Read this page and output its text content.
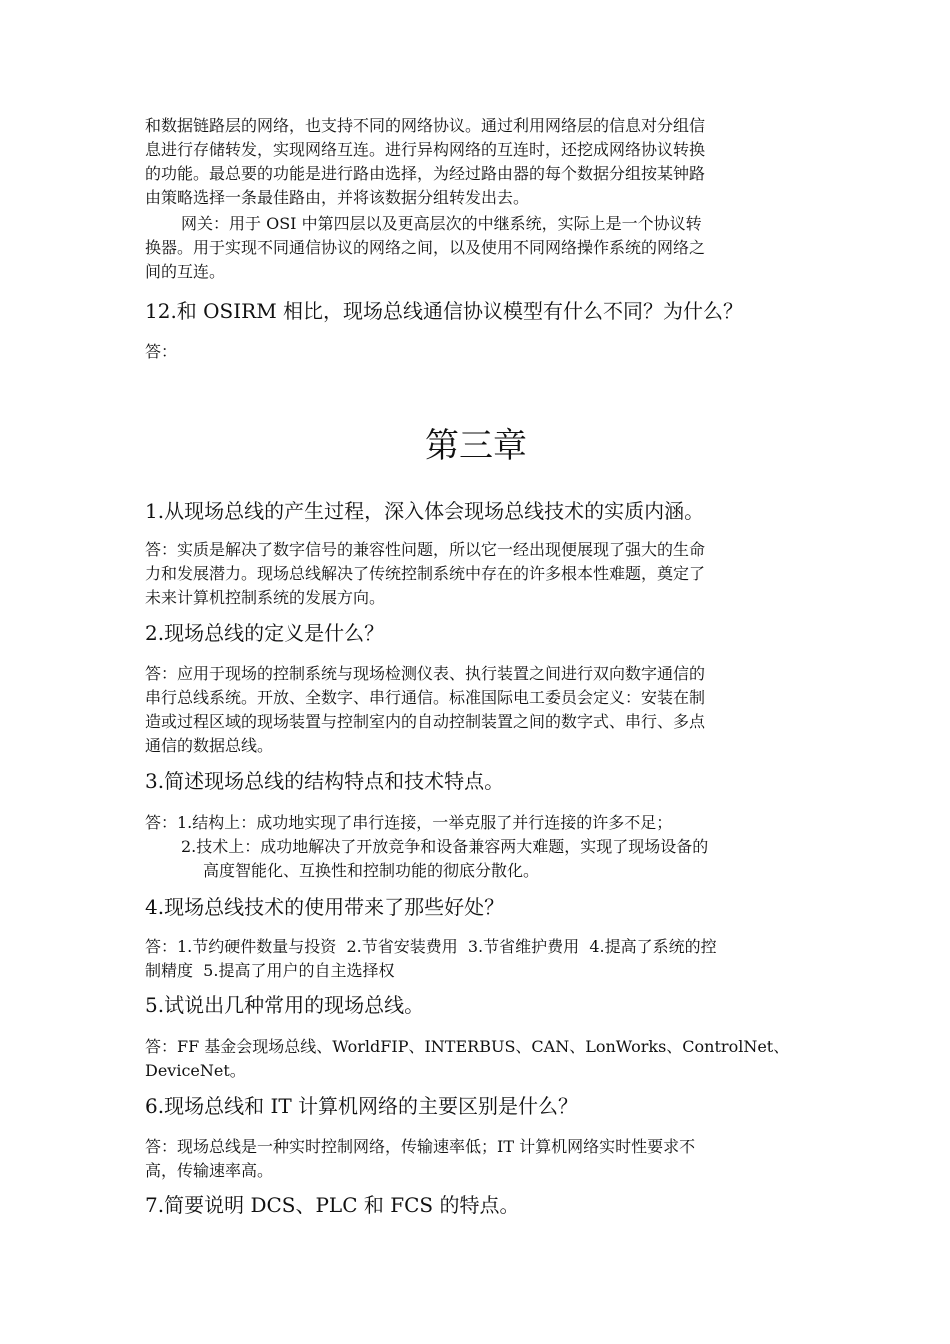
和数据链路层的网络，也支持不同的网络协议。通过利用网络层的信息对分组信

息进行存储转发，实现网络互连。进行异构网络的互连时，还挖成网络协议转换

的功能。最总要的功能是进行路由选择，为经过路由器的每个数据分组按某钟路

由策略选择一条最佳路由，并将该数据分组转发出去。

网关：用于 OSI 中第四层以及更高层次的中继系统，实际上是一个协议转

换器。用于实现不同通信协议的网络之间，以及使用不同网络操作系统的网络之

间的互连。

12.和 OSIRM 相比，现场总线通信协议模型有什么不同？为什么？

答：

第三章

1.从现场总线的产生过程，深入体会现场总线技术的实质内涵。

答：实质是解决了数字信号的兼容性问题，所以它一经出现便展现了强大的生命

力和发展潜力。现场总线解决了传统控制系统中存在的许多根本性难题，奠定了

未来计算机控制系统的发展方向。

2.现场总线的定义是什么？

答：应用于现场的控制系统与现场检测仪表、执行装置之间进行双向数字通信的

串行总线系统。开放、全数字、串行通信。标准国际电工委员会定义：安装在制

造或过程区域的现场装置与控制室内的自动控制装置之间的数字式、串行、多点

通信的数据总线。

3.简述现场总线的结构特点和技术特点。

答：1.结构上：成功地实现了串行连接，一举克服了并行连接的许多不足；

2.技术上：成功地解决了开放竞争和设备兼容两大难题，实现了现场设备的

高度智能化、互换性和控制功能的彻底分散化。

4.现场总线技术的使用带来了那些好处？

答：1.节约硬件数量与投资  2.节省安装费用  3.节省维护费用  4.提高了系统的控

制精度  5.提高了用户的自主选择权

5.试说出几种常用的现场总线。

答：FF 基金会现场总线、WorldFIP、INTERBUS、CAN、LonWorks、ControlNet、

DeviceNet。

6.现场总线和 IT 计算机网络的主要区别是什么？

答：现场总线是一种实时控制网络，传输速率低；IT 计算机网络实时性要求不

高，传输速率高。

7.简要说明 DCS、PLC 和 FCS 的特点。
